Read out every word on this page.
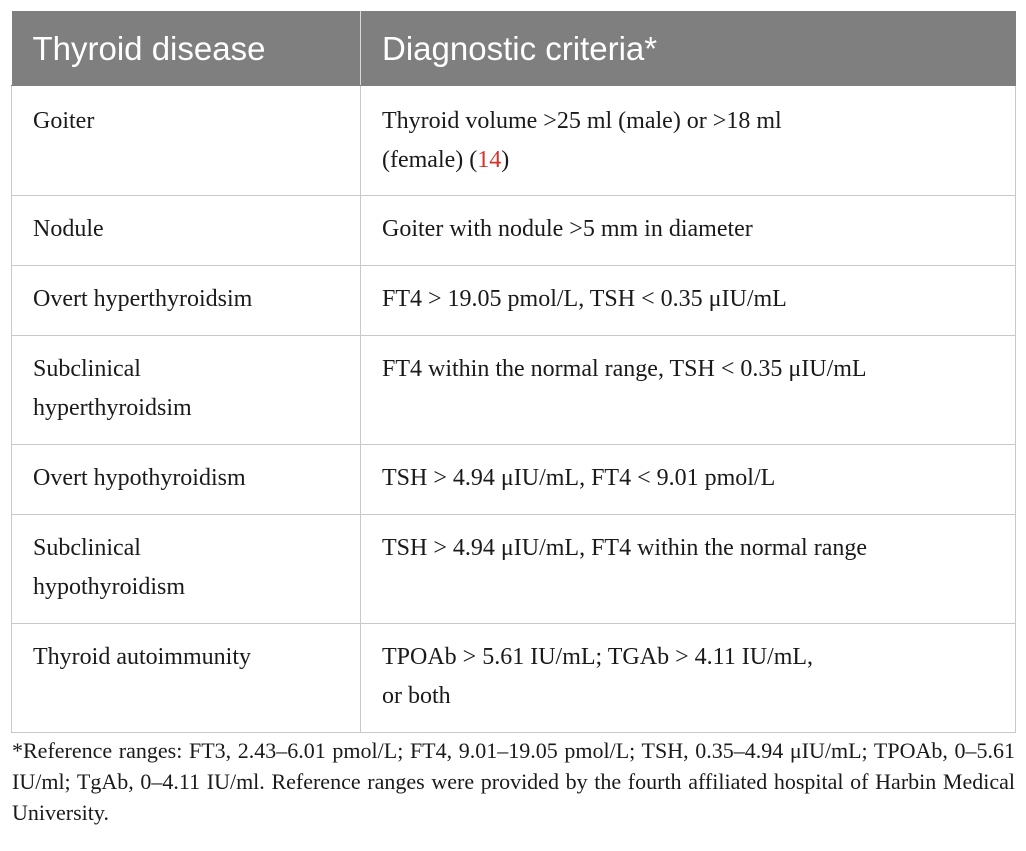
Thyroid disease	Diagnostic criteria*
Goiter	Thyroid volume >25 ml (male) or >18 ml
(female) (14)
Nodule	Goiter with nodule >5 mm in diameter
Overt hyperthyroidsim	FT4 > 19.05 pmol/L, TSH < 0.35 μIU/mL
Subclinical
hyperthyroidsim	FT4 within the normal range, TSH < 0.35 μIU/mL
Overt hypothyroidism	TSH > 4.94 μIU/mL, FT4 < 9.01 pmol/L
Subclinical
hypothyroidism	TSH > 4.94 μIU/mL, FT4 within the normal range
Thyroid autoimmunity	TPOAb > 5.61 IU/mL; TGAb > 4.11 IU/mL,
or both

*Reference ranges: FT3, 2.43–6.01 pmol/L; FT4, 9.01–19.05 pmol/L; TSH, 0.35–4.94 μIU/mL; TPOAb, 0–5.61 IU/ml; TgAb, 0–4.11 IU/ml. Reference ranges were provided by the fourth affiliated hospital of Harbin Medical University.
